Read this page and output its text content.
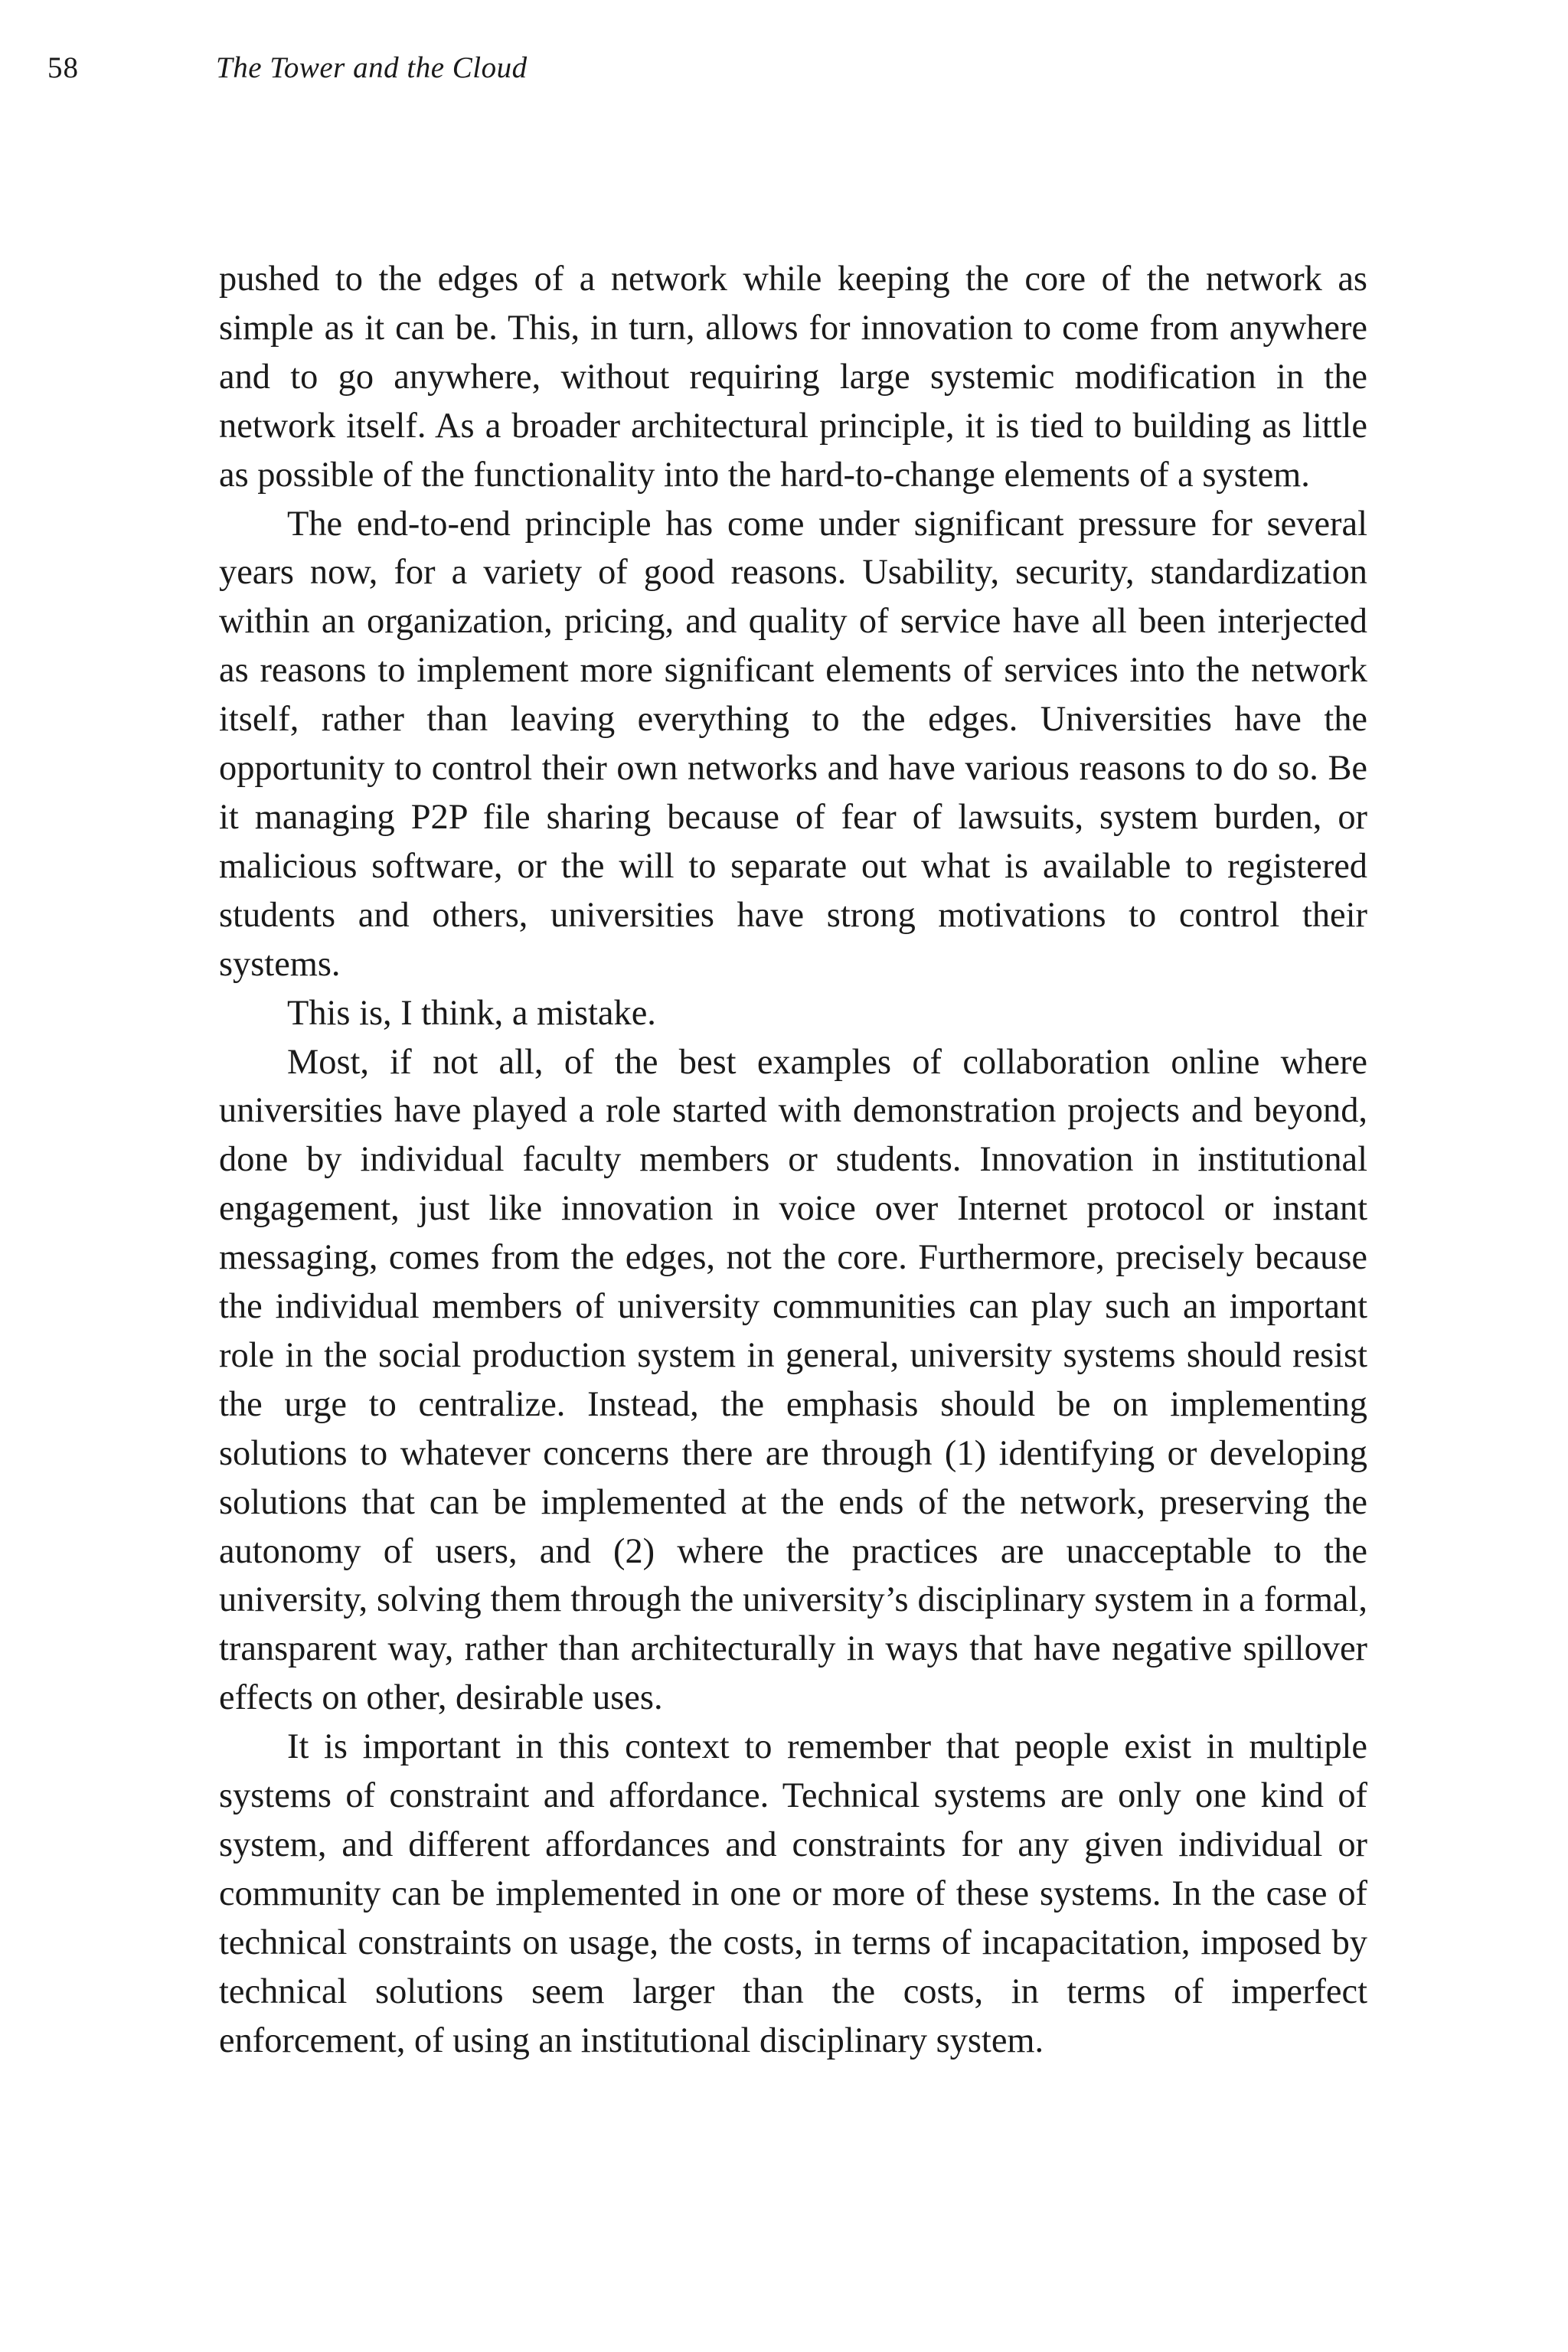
58	The Tower and the Cloud

pushed to the edges of a network while keeping the core of the network as simple as it can be. This, in turn, allows for innovation to come from anywhere and to go anywhere, without requiring large systemic modification in the network itself. As a broader architectural principle, it is tied to building as little as possible of the functionality into the hard-to-change elements of a system.

The end-to-end principle has come under significant pressure for several years now, for a variety of good reasons. Usability, security, standardization within an organization, pricing, and quality of service have all been interjected as reasons to implement more significant elements of services into the network itself, rather than leaving everything to the edges. Universities have the opportunity to control their own networks and have various reasons to do so. Be it managing P2P file sharing because of fear of lawsuits, system burden, or malicious software, or the will to separate out what is available to registered students and others, universities have strong motivations to control their systems.

This is, I think, a mistake.

Most, if not all, of the best examples of collaboration online where universities have played a role started with demonstration projects and beyond, done by individual faculty members or students. Innovation in institutional engagement, just like innovation in voice over Internet protocol or instant messaging, comes from the edges, not the core. Furthermore, precisely because the individual members of university communities can play such an important role in the social production system in general, university systems should resist the urge to centralize. Instead, the emphasis should be on implementing solutions to whatever concerns there are through (1) identifying or developing solutions that can be implemented at the ends of the network, preserving the autonomy of users, and (2) where the practices are unacceptable to the university, solving them through the university’s disciplinary system in a formal, transparent way, rather than architecturally in ways that have negative spillover effects on other, desirable uses.

It is important in this context to remember that people exist in multiple systems of constraint and affordance. Technical systems are only one kind of system, and different affordances and constraints for any given individual or community can be implemented in one or more of these systems. In the case of technical constraints on usage, the costs, in terms of incapacitation, imposed by technical solutions seem larger than the costs, in terms of imperfect enforcement, of using an institutional disciplinary system.
